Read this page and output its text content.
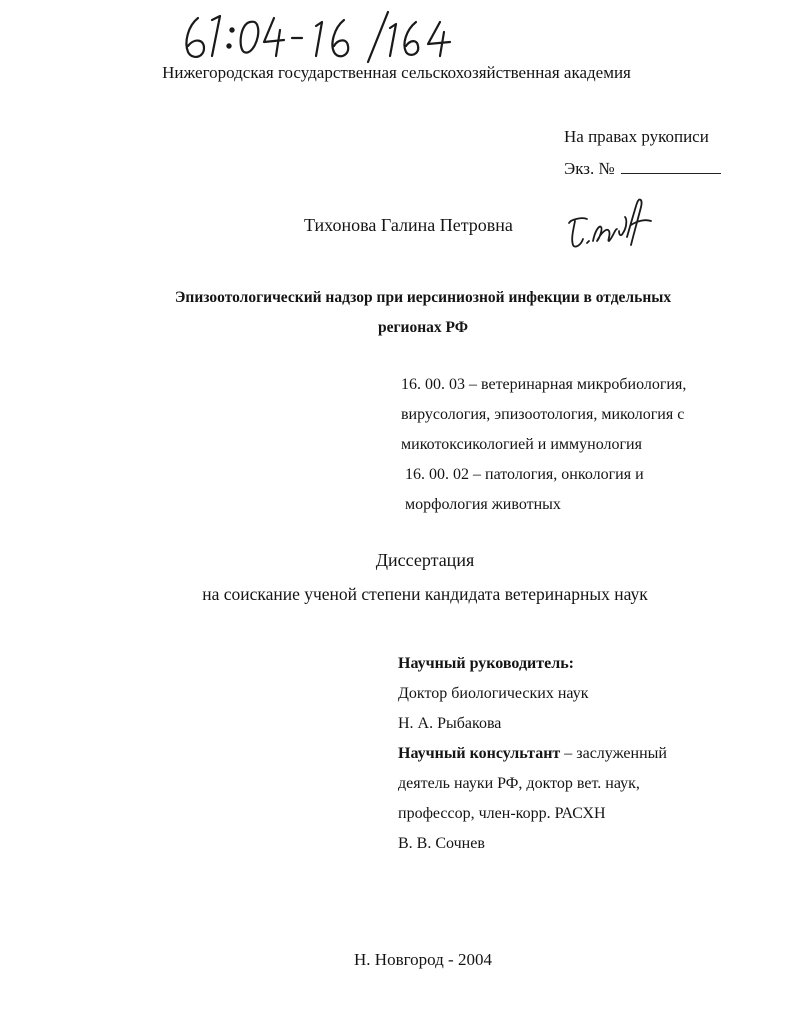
Нижегородская государственная сельскохозяйственная академия
На правах рукописи
Экз. №
Тихонова Галина Петровна
Эпизоотологический надзор при иерсиниозной инфекции в отдельных
регионах РФ
16. 00. 03 – ветеринарная микробиология,
вирусология, эпизоотология, микология с
микотоксикологией и иммунология
16. 00. 02 – патология, онкология и
морфология животных
Диссертация
на соискание ученой степени кандидата ветеринарных наук
Научный руководитель:
Доктор биологических наук
Н. А. Рыбакова
Научный консультант – заслуженный
деятель науки РФ, доктор вет. наук,
профессор, член-корр. РАСХН
В. В. Сочнев
Н. Новгород - 2004
